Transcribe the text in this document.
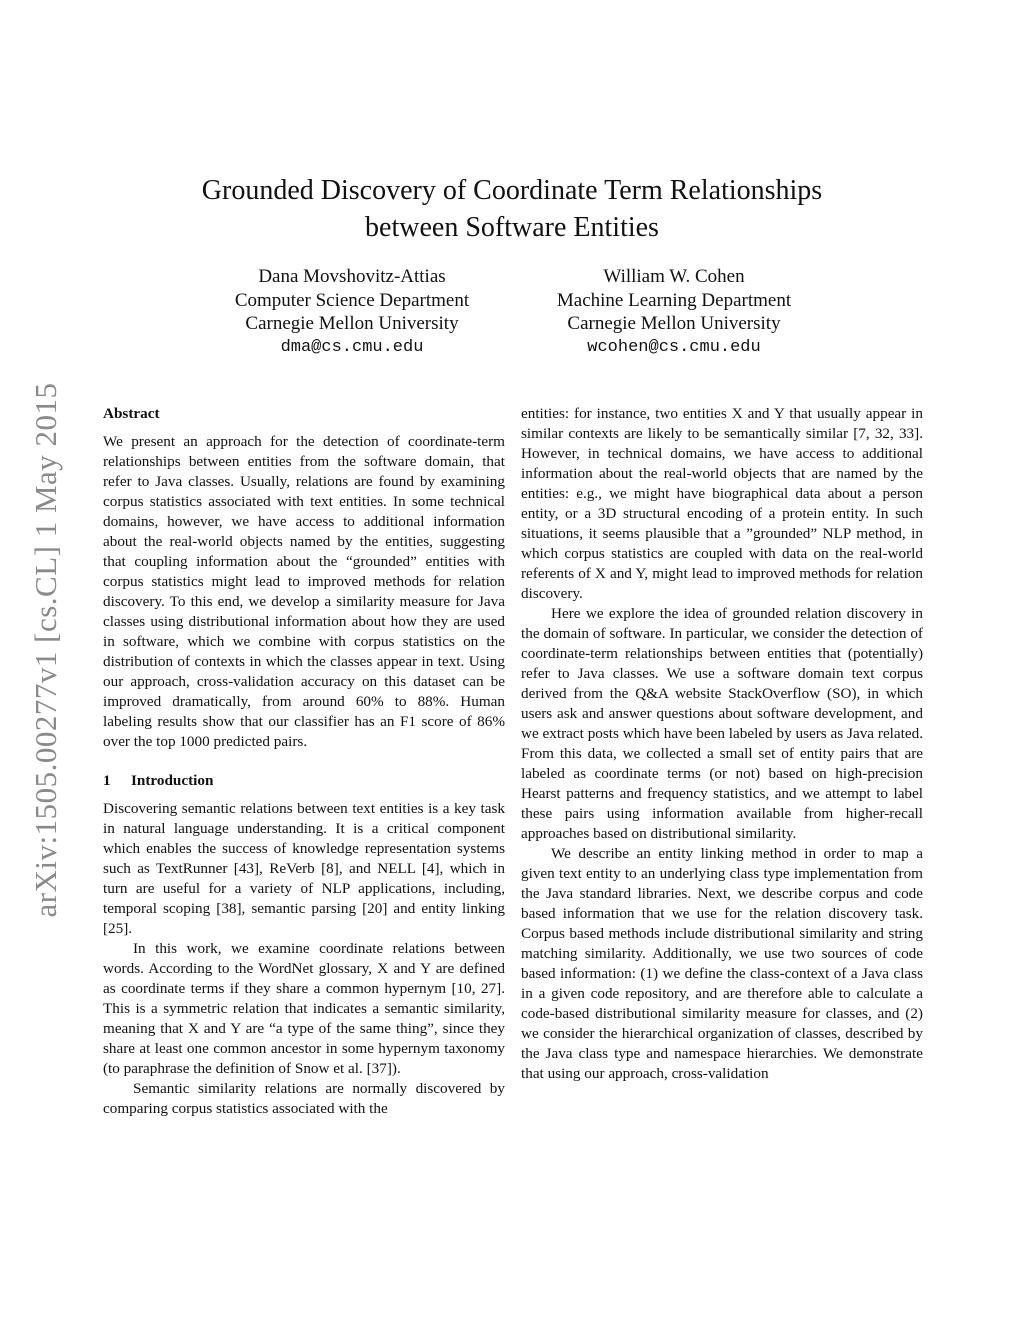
arXiv:1505.00277v1 [cs.CL] 1 May 2015
Grounded Discovery of Coordinate Term Relationships
between Software Entities
Dana Movshovitz-Attias
Computer Science Department
Carnegie Mellon University
dma@cs.cmu.edu
William W. Cohen
Machine Learning Department
Carnegie Mellon University
wcohen@cs.cmu.edu
Abstract

We present an approach for the detection of coordinate-term relationships between entities from the software domain, that refer to Java classes. Usually, relations are found by examining corpus statistics associated with text entities. In some technical domains, however, we have access to additional information about the real-world objects named by the entities, suggesting that coupling information about the “grounded” entities with corpus statistics might lead to improved methods for relation discovery. To this end, we develop a similarity measure for Java classes using distributional information about how they are used in software, which we combine with corpus statistics on the distribution of contexts in which the classes appear in text. Using our approach, cross-validation accuracy on this dataset can be improved dramatically, from around 60% to 88%. Human labeling results show that our classifier has an F1 score of 86% over the top 1000 predicted pairs.

1 Introduction

Discovering semantic relations between text entities is a key task in natural language understanding. It is a critical component which enables the success of knowledge representation systems such as TextRunner [43], ReVerb [8], and NELL [4], which in turn are useful for a variety of NLP applications, including, temporal scoping [38], semantic parsing [20] and entity linking [25].

In this work, we examine coordinate relations between words. According to the WordNet glossary, X and Y are defined as coordinate terms if they share a common hypernym [10, 27]. This is a symmetric relation that indicates a semantic similarity, meaning that X and Y are “a type of the same thing”, since they share at least one common ancestor in some hypernym taxonomy (to paraphrase the definition of Snow et al. [37]).

Semantic similarity relations are normally discovered by comparing corpus statistics associated with the

entities: for instance, two entities X and Y that usually appear in similar contexts are likely to be semantically similar [7, 32, 33]. However, in technical domains, we have access to additional information about the real-world objects that are named by the entities: e.g., we might have biographical data about a person entity, or a 3D structural encoding of a protein entity. In such situations, it seems plausible that a ”grounded” NLP method, in which corpus statistics are coupled with data on the real-world referents of X and Y, might lead to improved methods for relation discovery.

Here we explore the idea of grounded relation discovery in the domain of software. In particular, we consider the detection of coordinate-term relationships between entities that (potentially) refer to Java classes. We use a software domain text corpus derived from the Q&A website StackOverflow (SO), in which users ask and answer questions about software development, and we extract posts which have been labeled by users as Java related. From this data, we collected a small set of entity pairs that are labeled as coordinate terms (or not) based on high-precision Hearst patterns and frequency statistics, and we attempt to label these pairs using information available from higher-recall approaches based on distributional similarity.

We describe an entity linking method in order to map a given text entity to an underlying class type implementation from the Java standard libraries. Next, we describe corpus and code based information that we use for the relation discovery task. Corpus based methods include distributional similarity and string matching similarity. Additionally, we use two sources of code based information: (1) we define the class-context of a Java class in a given code repository, and are therefore able to calculate a code-based distributional similarity measure for classes, and (2) we consider the hierarchical organization of classes, described by the Java class type and namespace hierarchies. We demonstrate that using our approach, cross-validation
